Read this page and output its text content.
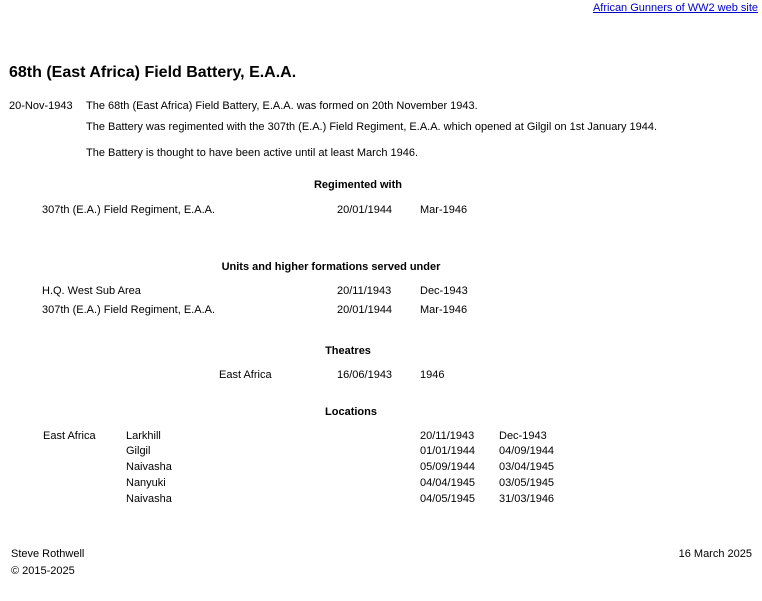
African Gunners of WW2 web site
68th (East Africa) Field Battery, E.A.A.
20-Nov-1943 The 68th (East Africa) Field Battery, E.A.A. was formed on 20th November 1943.
The Battery was regimented with the 307th (E.A.) Field Regiment, E.A.A. which opened at Gilgil on 1st January 1944.
The Battery is thought to have been active until at least March 1946.
Regimented with
307th (E.A.) Field Regiment, E.A.A.	20/01/1944	Mar-1946
Units and higher formations served under
H.Q. West Sub Area	20/11/1943	Dec-1943
307th (E.A.) Field Regiment, E.A.A.	20/01/1944	Mar-1946
Theatres
East Africa	16/06/1943	1946
Locations
East Africa	Larkhill	20/11/1943 Dec-1943
Gilgil	01/01/1944 04/09/1944
Naivasha	05/09/1944 03/04/1945
Nanyuki	04/04/1945 03/05/1945
Naivasha	04/05/1945 31/03/1946
Steve Rothwell
© 2015-2025
16 March 2025
